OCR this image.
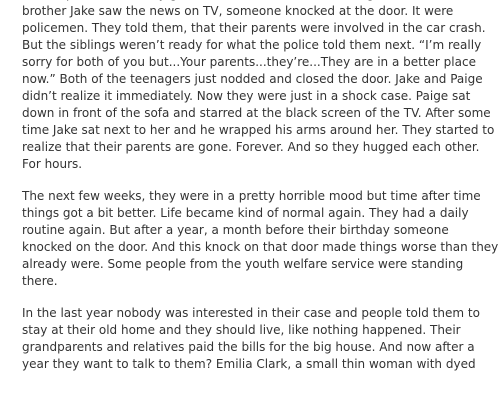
brother Jake saw the news on TV, someone knocked at the door. It were
policemen. They told them, that their parents were involved in the car crash.
But the siblings weren’t ready for what the police told them next. “I’m really
sorry for both of you but...Your parents...they’re...They are in a better place
now.” Both of the teenagers just nodded and closed the door. Jake and Paige
didn’t realize it immediately. Now they were just in a shock case. Paige sat
down in front of the sofa and starred at the black screen of the TV. After some
time Jake sat next to her and he wrapped his arms around her. They started to
realize that their parents are gone. Forever. And so they hugged each other.
For hours.
The next few weeks, they were in a pretty horrible mood but time after time
things got a bit better. Life became kind of normal again. They had a daily
routine again. But after a year, a month before their birthday someone
knocked on the door. And this knock on that door made things worse than they
already were. Some people from the youth welfare service were standing
there.
In the last year nobody was interested in their case and people told them to
stay at their old home and they should live, like nothing happened. Their
grandparents and relatives paid the bills for the big house. And now after a
year they want to talk to them? Emilia Clark, a small thin woman with dyed
